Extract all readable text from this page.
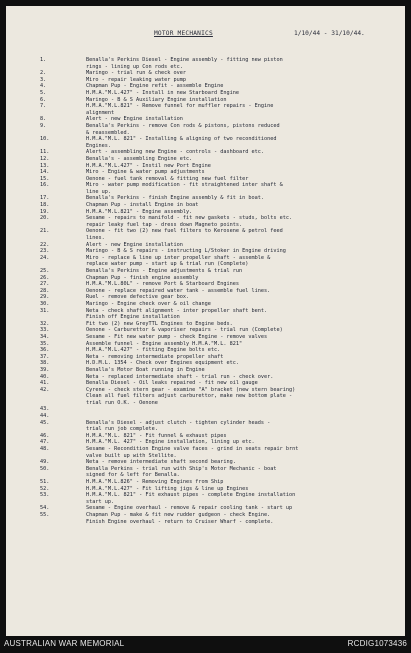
MOTOR MECHANICS	1/10/44 - 31/10/44.
1.	Benalla's Perkins Diesel - Engine assembly - fitting new piston
rings - lining up Con rods etc.
2.	Maringo - trial run & check over
3.	Miro - repair leaking water pump
4.	Chapman Pup - Engine refit - assemble Engine
5.	H.M.A."M.L.427" - Install in new Starboard Engine
6.	Maringo - B & S Auxiliary Engine installation
7.	H.M.A."M.L.821" - Remove funnel for muffler repairs - Engine
alignment
8.	Alert - new Engine installation
9.	Benalla's Perkins - remove Con rods & pistons, pistons reduced
& reassembled.
10.	H.M.A."M.L. 821" - Installing & aligning of two reconditioned
Engines.
11.	Alert - assembling new Engine - controls - dashboard etc.
12.	Benalla's - assembling Engine etc.
13.	H.M.A."M.L.427" - Instil new Port Engine
14.	Miro - Engine & water pump adjustments
15.	Oenone - fuel tank removal & fitting new fuel filter
16.	Miro - water pump modification - fit straightened inter shaft &
line up.
17.	Benalla's Perkins - finish Engine assembly & fit in boat.
18.	Chapman Pup - install Engine in boat
19.	H.M.A."M.L.821" - Engine assembly.
20.	Sesame - repairs to manifold - fit new gaskets - studs, bolts etc.
repair leaky fuel tap - dress down Magneto points.
21.	Oenone - fit two (2) new fuel filters to Kerosene & petrol feed
lines.
22.	Alert - new Engine installation
23.	Maringo - B & S repairs - instructing L/Stoker in Engine driving
24.	Miro - replace & line up inter propeller shaft - assemble &
replace water pump - start up & trial run (Complete)
25.	Benalla's Perkins - Engine adjustments & trial run
26.	Chapman Pup - finish engine assembly
27.	H.M.A."M.L.80L" - remove Port & Starboard Engines
28.	Oenone - replace repaired water tank - assemble fuel lines.
29.	Ruel - remove defective gear box.
30.	Maringo - Engine check over & oil change
31.	Neta - check shaft alignment - inter propeller shaft bent.
Finish off Engine installation
32.	Fit two (2) new GreyTTL Engines to Engine beds.
33.	Oenone - Carburettor & vaporiser repairs - trial run (Complete)
34.	Sesame - Fit new water pump - check Engine - remove valves
35.	Assemble funnel - Engine assembly H.M.A."M.L. 821"
36.	H.M.A."M.L.427" - fitting Engine bolts etc.
37.	Neta - removing intermediate propeller shaft
38.	H.D.M.L. 1354 - Check over Engines equipment etc.
39.	Benalla's Motor Boat running in Engine
40.	Neta - replaced intermediate shaft - trial run - check over.
41.	Benalla Diesel - Oil leaks repaired - fit new oil gauge
42.	Cyrene - check stern gear - examine "A" bracket (new stern bearing)
Clean all fuel filters adjust carburettor, make new bottom plate -
trial run O.K. - Oenone
43.
44.
45.	Benalla's Diesel - adjust clutch - tighten cylinder heads -
trial run job complete.
46.	H.M.A."M.L. 821" - Fit funnel & exhaust pipes
47.	H.M.A."M.L. 427" - Engine installation, lining up etc.
48.	Sesame - Recondition Engine valve faces - grind in seats repair brnt
valve built up with Stellite.
49.	Neta - remove intermediate shaft second bearing.
50.	Benalla Perkins - trial run with Ship's Motor Mechanic - boat
signed for & left for Benalla.
51.	H.M.A."M.L.826" - Removing Engines from Ship
52.	H.M.A."M.L.427" - Fit lifting jigs & line up Engines
53.	H.M.A."M.L. 821" - Fit exhaust pipes - complete Engine installation
start up.
54.	Sesame - Engine overhaul - remove & repair cooling tank - start up
55.	Chapman Pup - make & fit new rudder gudgeon - check Engine.
Finish Engine overhaul - return to Cruiser Wharf - complete.
AUSTRALIAN WAR MEMORIAL	RCDIG1073436
